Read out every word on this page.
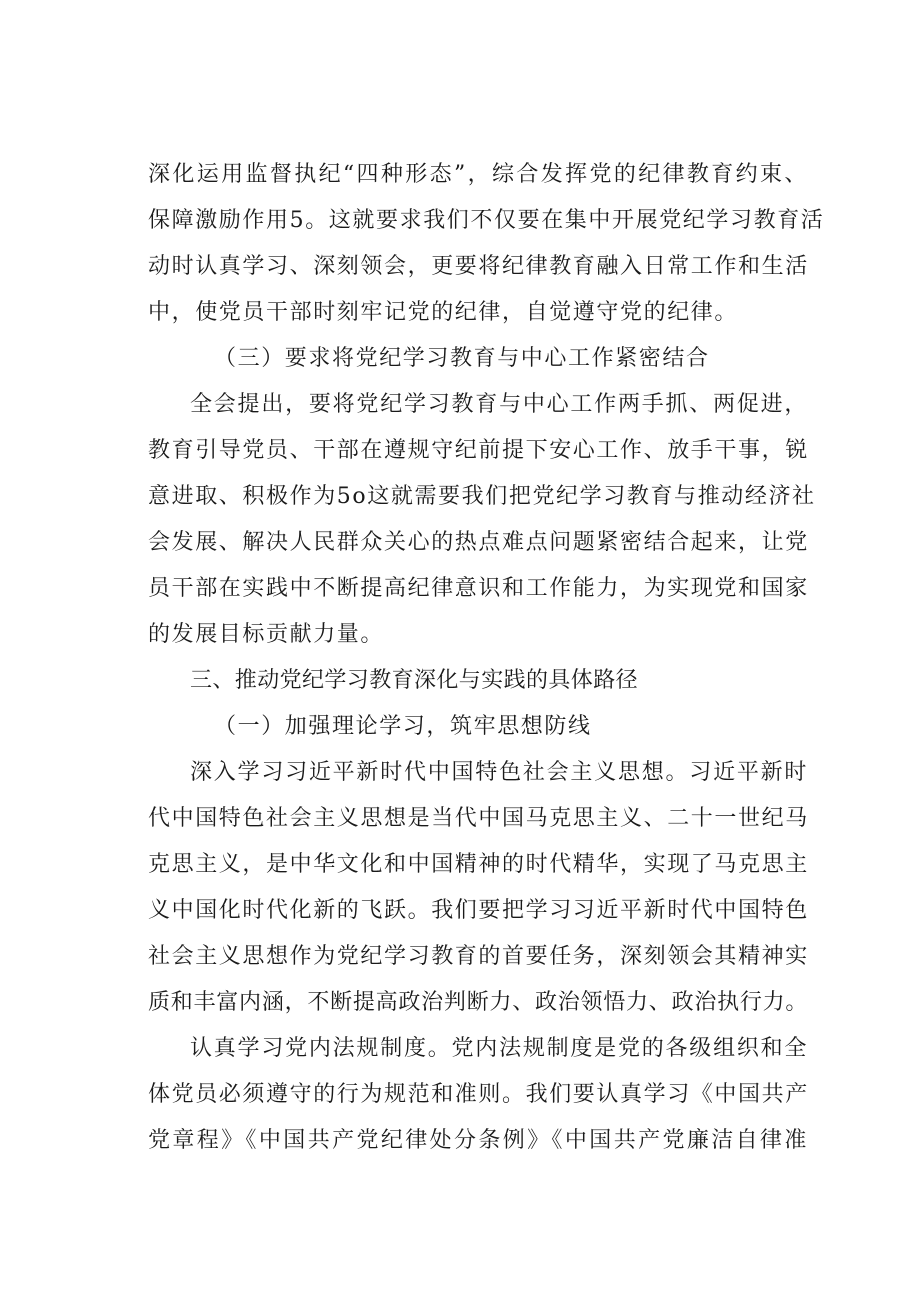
深化运用监督执纪“四种形态”，综合发挥党的纪律教育约束、
保障激励作用5。这就要求我们不仅要在集中开展党纪学习教育活
动时认真学习、深刻领会，更要将纪律教育融入日常工作和生活
中，使党员干部时刻牢记党的纪律，自觉遵守党的纪律。
（三）要求将党纪学习教育与中心工作紧密结合
全会提出，要将党纪学习教育与中心工作两手抓、两促进，
教育引导党员、干部在遵规守纪前提下安心工作、放手干事，锐
意进取、积极作为5o这就需要我们把党纪学习教育与推动经济社
会发展、解决人民群众关心的热点难点问题紧密结合起来，让党
员干部在实践中不断提高纪律意识和工作能力，为实现党和国家
的发展目标贡献力量。
三、推动党纪学习教育深化与实践的具体路径
（一）加强理论学习，筑牢思想防线
深入学习习近平新时代中国特色社会主义思想。习近平新时
代中国特色社会主义思想是当代中国马克思主义、二十一世纪马
克思主义，是中华文化和中国精神的时代精华，实现了马克思主
义中国化时代化新的飞跃。我们要把学习习近平新时代中国特色
社会主义思想作为党纪学习教育的首要任务，深刻领会其精神实
质和丰富内涵，不断提高政治判断力、政治领悟力、政治执行力。
认真学习党内法规制度。党内法规制度是党的各级组织和全
体党员必须遵守的行为规范和准则。我们要认真学习《中国共产
党章程》《中国共产党纪律处分条例》《中国共产党廉洁自律准
